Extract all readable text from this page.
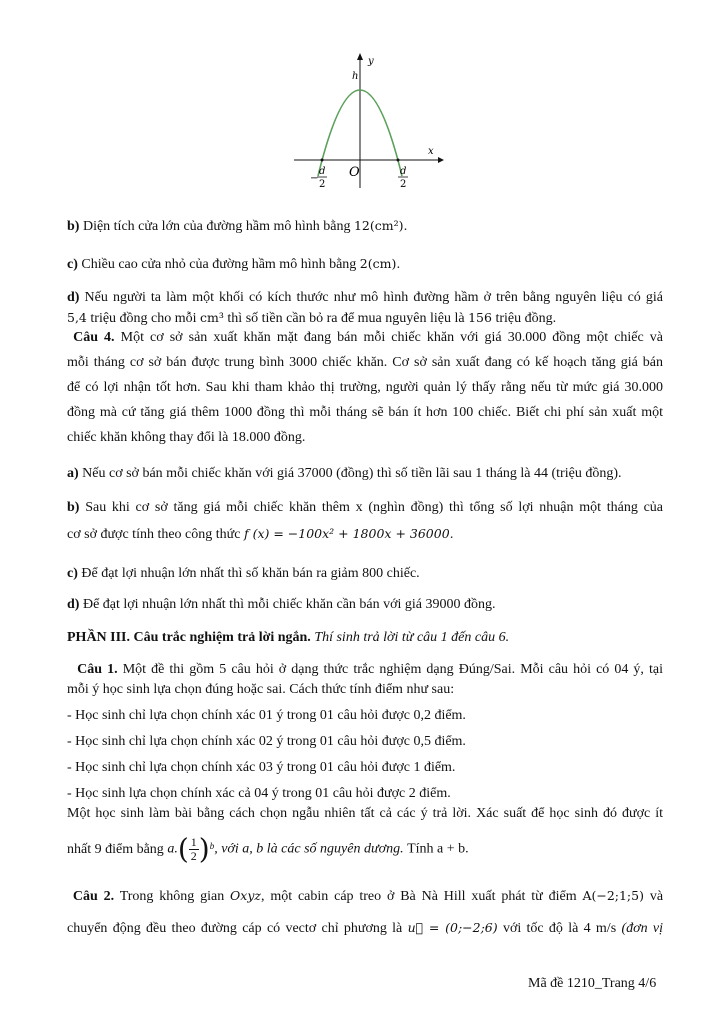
y
h
x
O
−
d
2
d
2
b) Diện tích cửa lớn của đường hầm mô hình bằng 12(cm²).
c) Chiều cao cửa nhỏ của đường hầm mô hình bằng 2(cm).
d) Nếu người ta làm một khối có kích thước như mô hình đường hầm ở trên bằng nguyên liệu có giá
5,4 triệu đồng cho mỗi cm³ thì số tiền cần bỏ ra để mua nguyên liệu là 156 triệu đồng.
Câu 4. Một cơ sở sản xuất khăn mặt đang bán mỗi chiếc khăn với giá 30.000 đồng một chiếc và
mỗi tháng cơ sở bán được trung bình 3000 chiếc khăn. Cơ sở sản xuất đang có kế hoạch tăng giá bán
để có lợi nhận tốt hơn. Sau khi tham khảo thị trường, người quản lý thấy rằng nếu từ mức giá 30.000
đồng mà cứ tăng giá thêm 1000 đồng thì mỗi tháng sẽ bán ít hơn 100 chiếc. Biết chi phí sản xuất một
chiếc khăn không thay đổi là 18.000 đồng.
a) Nếu cơ sở bán mỗi chiếc khăn với giá 37000 (đồng) thì số tiền lãi sau 1 tháng là 44 (triệu đồng).
b) Sau khi cơ sở tăng giá mỗi chiếc khăn thêm x (nghìn đồng) thì tổng số lợi nhuận một tháng của
cơ sở được tính theo công thức f (x) = −100x² + 1800x + 36000.
c) Để đạt lợi nhuận lớn nhất thì số khăn bán ra giảm 800 chiếc.
d) Để đạt lợi nhuận lớn nhất thì mỗi chiếc khăn cần bán với giá 39000 đồng.
PHẦN III. Câu trắc nghiệm trả lời ngắn. Thí sinh trả lời từ câu 1 đến câu 6.
Câu 1. Một đề thi gồm 5 câu hỏi ở dạng thức trắc nghiệm dạng Đúng/Sai. Mỗi câu hỏi có 04 ý, tại
mỗi ý học sinh lựa chọn đúng hoặc sai. Cách thức tính điểm như sau:
- Học sinh chỉ lựa chọn chính xác 01 ý trong 01 câu hỏi được 0,2 điểm.
- Học sinh chỉ lựa chọn chính xác 02 ý trong 01 câu hỏi được 0,5 điểm.
- Học sinh chỉ lựa chọn chính xác 03 ý trong 01 câu hỏi được 1 điểm.
- Học sinh lựa chọn chính xác cả 04 ý trong 01 câu hỏi được 2 điểm.
Một học sinh làm bài bằng cách chọn ngẫu nhiên tất cả các ý trả lời. Xác suất để học sinh đó được ít
nhất 9 điểm bằng $a.( \frac{1}{2} )^b$, với a, b là các số nguyên dương. Tính a + b.
Câu 2. Trong không gian Oxyz, một cabin cáp treo ở Bà Nà Hill xuất phát từ điểm A(−2;1;5) và
chuyển động đều theo đường cáp có vectơ chỉ phương là u⃗ = (0;−2;6) với tốc độ là 4 m/s (đơn vị
Mã đề 1210_Trang 4/6
